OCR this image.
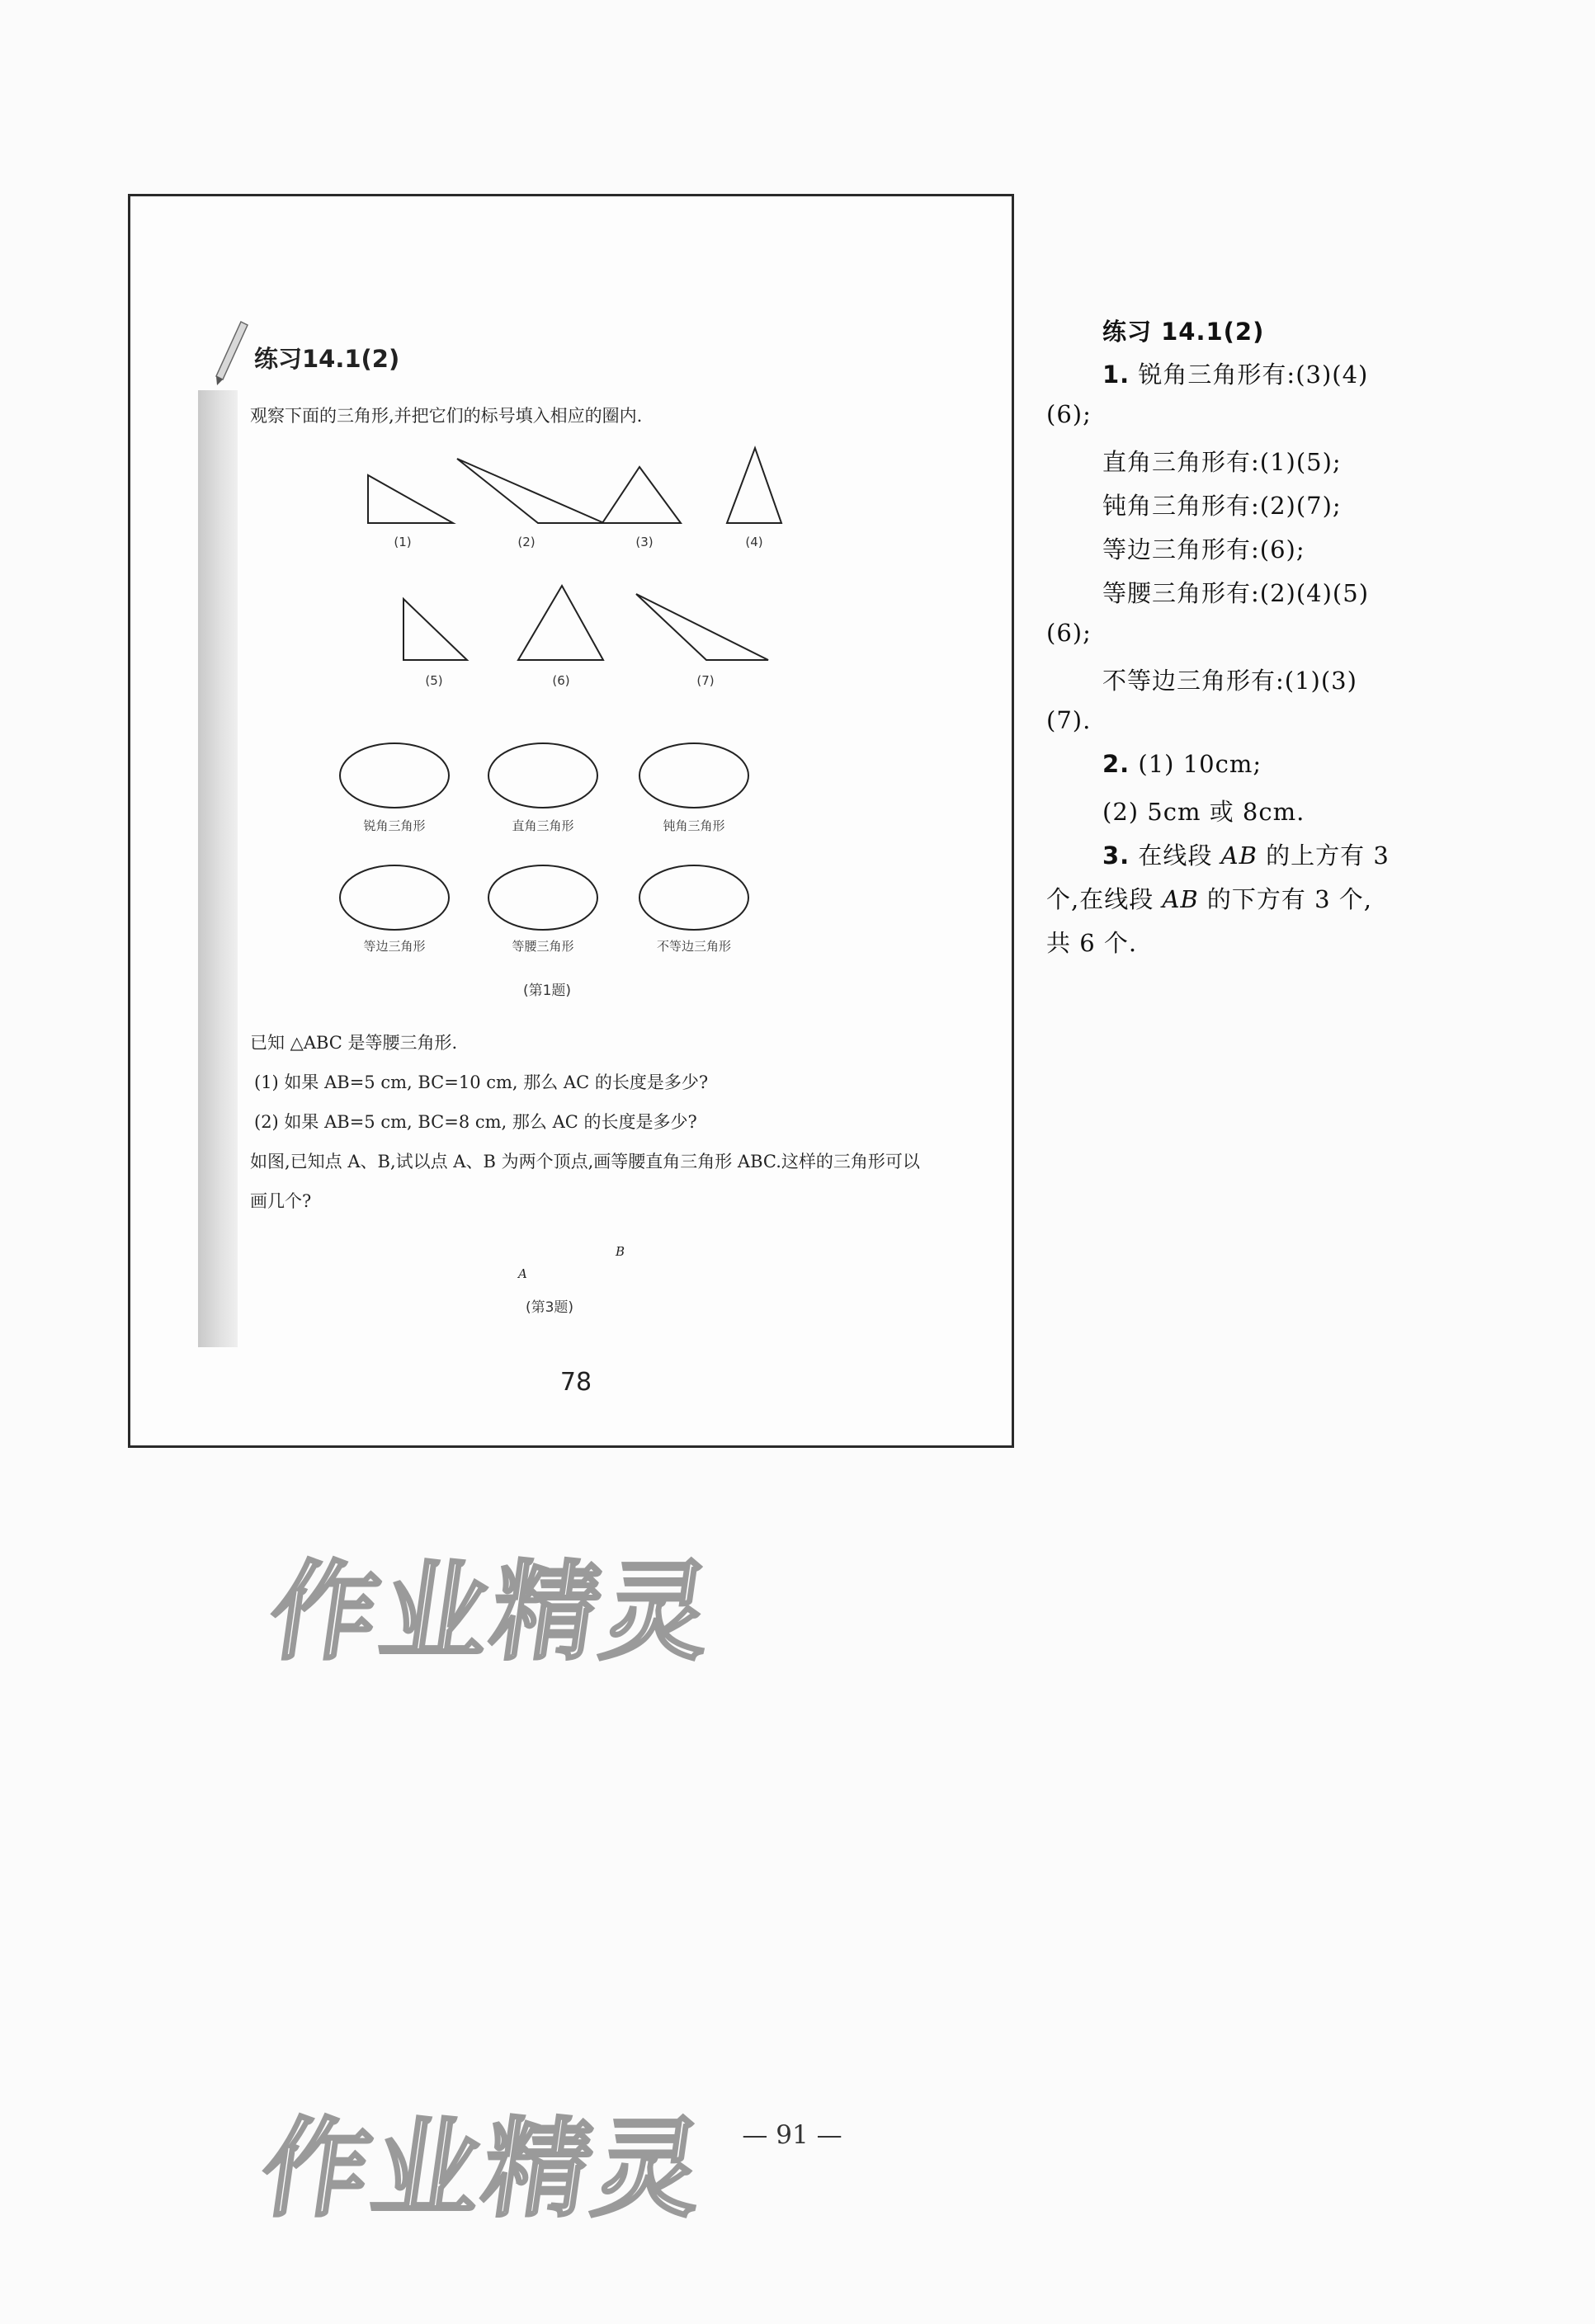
练习14.1(2)
观察下面的三角形,并把它们的标号填入相应的圈内.
(1)	(2)	(3)	(4)
(5)	(6)	(7)
锐角三角形	直角三角形	钝角三角形
等边三角形	等腰三角形	不等边三角形
(第1题)
已知 △ABC 是等腰三角形.
(1) 如果 AB=5 cm, BC=10 cm, 那么 AC 的长度是多少?
(2) 如果 AB=5 cm, BC=8 cm, 那么 AC 的长度是多少?
如图,已知点 A、B,试以点 A、B 为两个顶点,画等腰直角三角形 ABC.这样的三角形可以
画几个?
A
B
(第3题)
78
练习 14.1(2)
1. 锐角三角形有:(3)(4)
(6);
直角三角形有:(1)(5);
钝角三角形有:(2)(7);
等边三角形有:(6);
等腰三角形有:(2)(4)(5)
(6);
不等边三角形有:(1)(3)
(7).
2. (1) 10cm;
(2) 5cm 或 8cm.
3. 在线段 AB 的上方有 3
个,在线段 AB 的下方有 3 个,
共 6 个.
作业精灵
作业精灵	— 91 —
